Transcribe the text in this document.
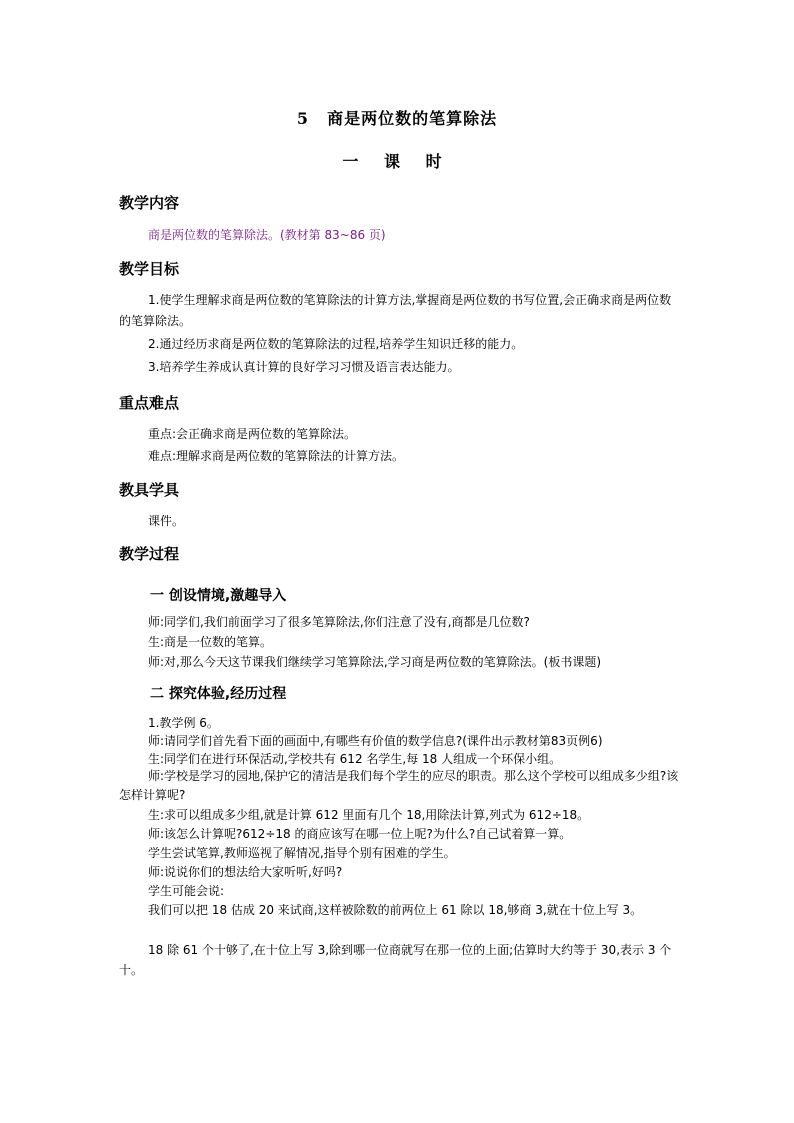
5 商是两位数的笔算除法
一 课 时
教学内容
商是两位数的笔算除法。(教材第 83~86 页)
教学目标
1.使学生理解求商是两位数的笔算除法的计算方法,掌握商是两位数的书写位置,会正确求商是两位数的笔算除法。
2.通过经历求商是两位数的笔算除法的过程,培养学生知识迁移的能力。
3.培养学生养成认真计算的良好学习习惯及语言表达能力。
重点难点
重点:会正确求商是两位数的笔算除法。
难点:理解求商是两位数的笔算除法的计算方法。
教具学具
课件。
教学过程
一 创设情境,激趣导入
师:同学们,我们前面学习了很多笔算除法,你们注意了没有,商都是几位数?
生:商是一位数的笔算。
师:对,那么今天这节课我们继续学习笔算除法,学习商是两位数的笔算除法。(板书课题)
二 探究体验,经历过程
1.教学例 6。
师:请同学们首先看下面的画面中,有哪些有价值的数学信息?(课件出示教材第83页例6)
生:同学们在进行环保活动,学校共有 612 名学生,每 18 人组成一个环保小组。
师:学校是学习的园地,保护它的清洁是我们每个学生的应尽的职责。那么这个学校可以组成多少组?该怎样计算呢?
生:求可以组成多少组,就是计算 612 里面有几个 18,用除法计算,列式为 612÷18。
师:该怎么计算呢?612÷18 的商应该写在哪一位上呢?为什么?自己试着算一算。
学生尝试笔算,教师巡视了解情况,指导个别有困难的学生。
师:说说你们的想法给大家听听,好吗?
学生可能会说:
我们可以把 18 估成 20 来试商,这样被除数的前两位上 61 除以 18,够商 3,就在十位上写 3。
18 除 61 个十够了,在十位上写 3,除到哪一位商就写在那一位的上面;估算时大约等于 30,表示 3 个十。
